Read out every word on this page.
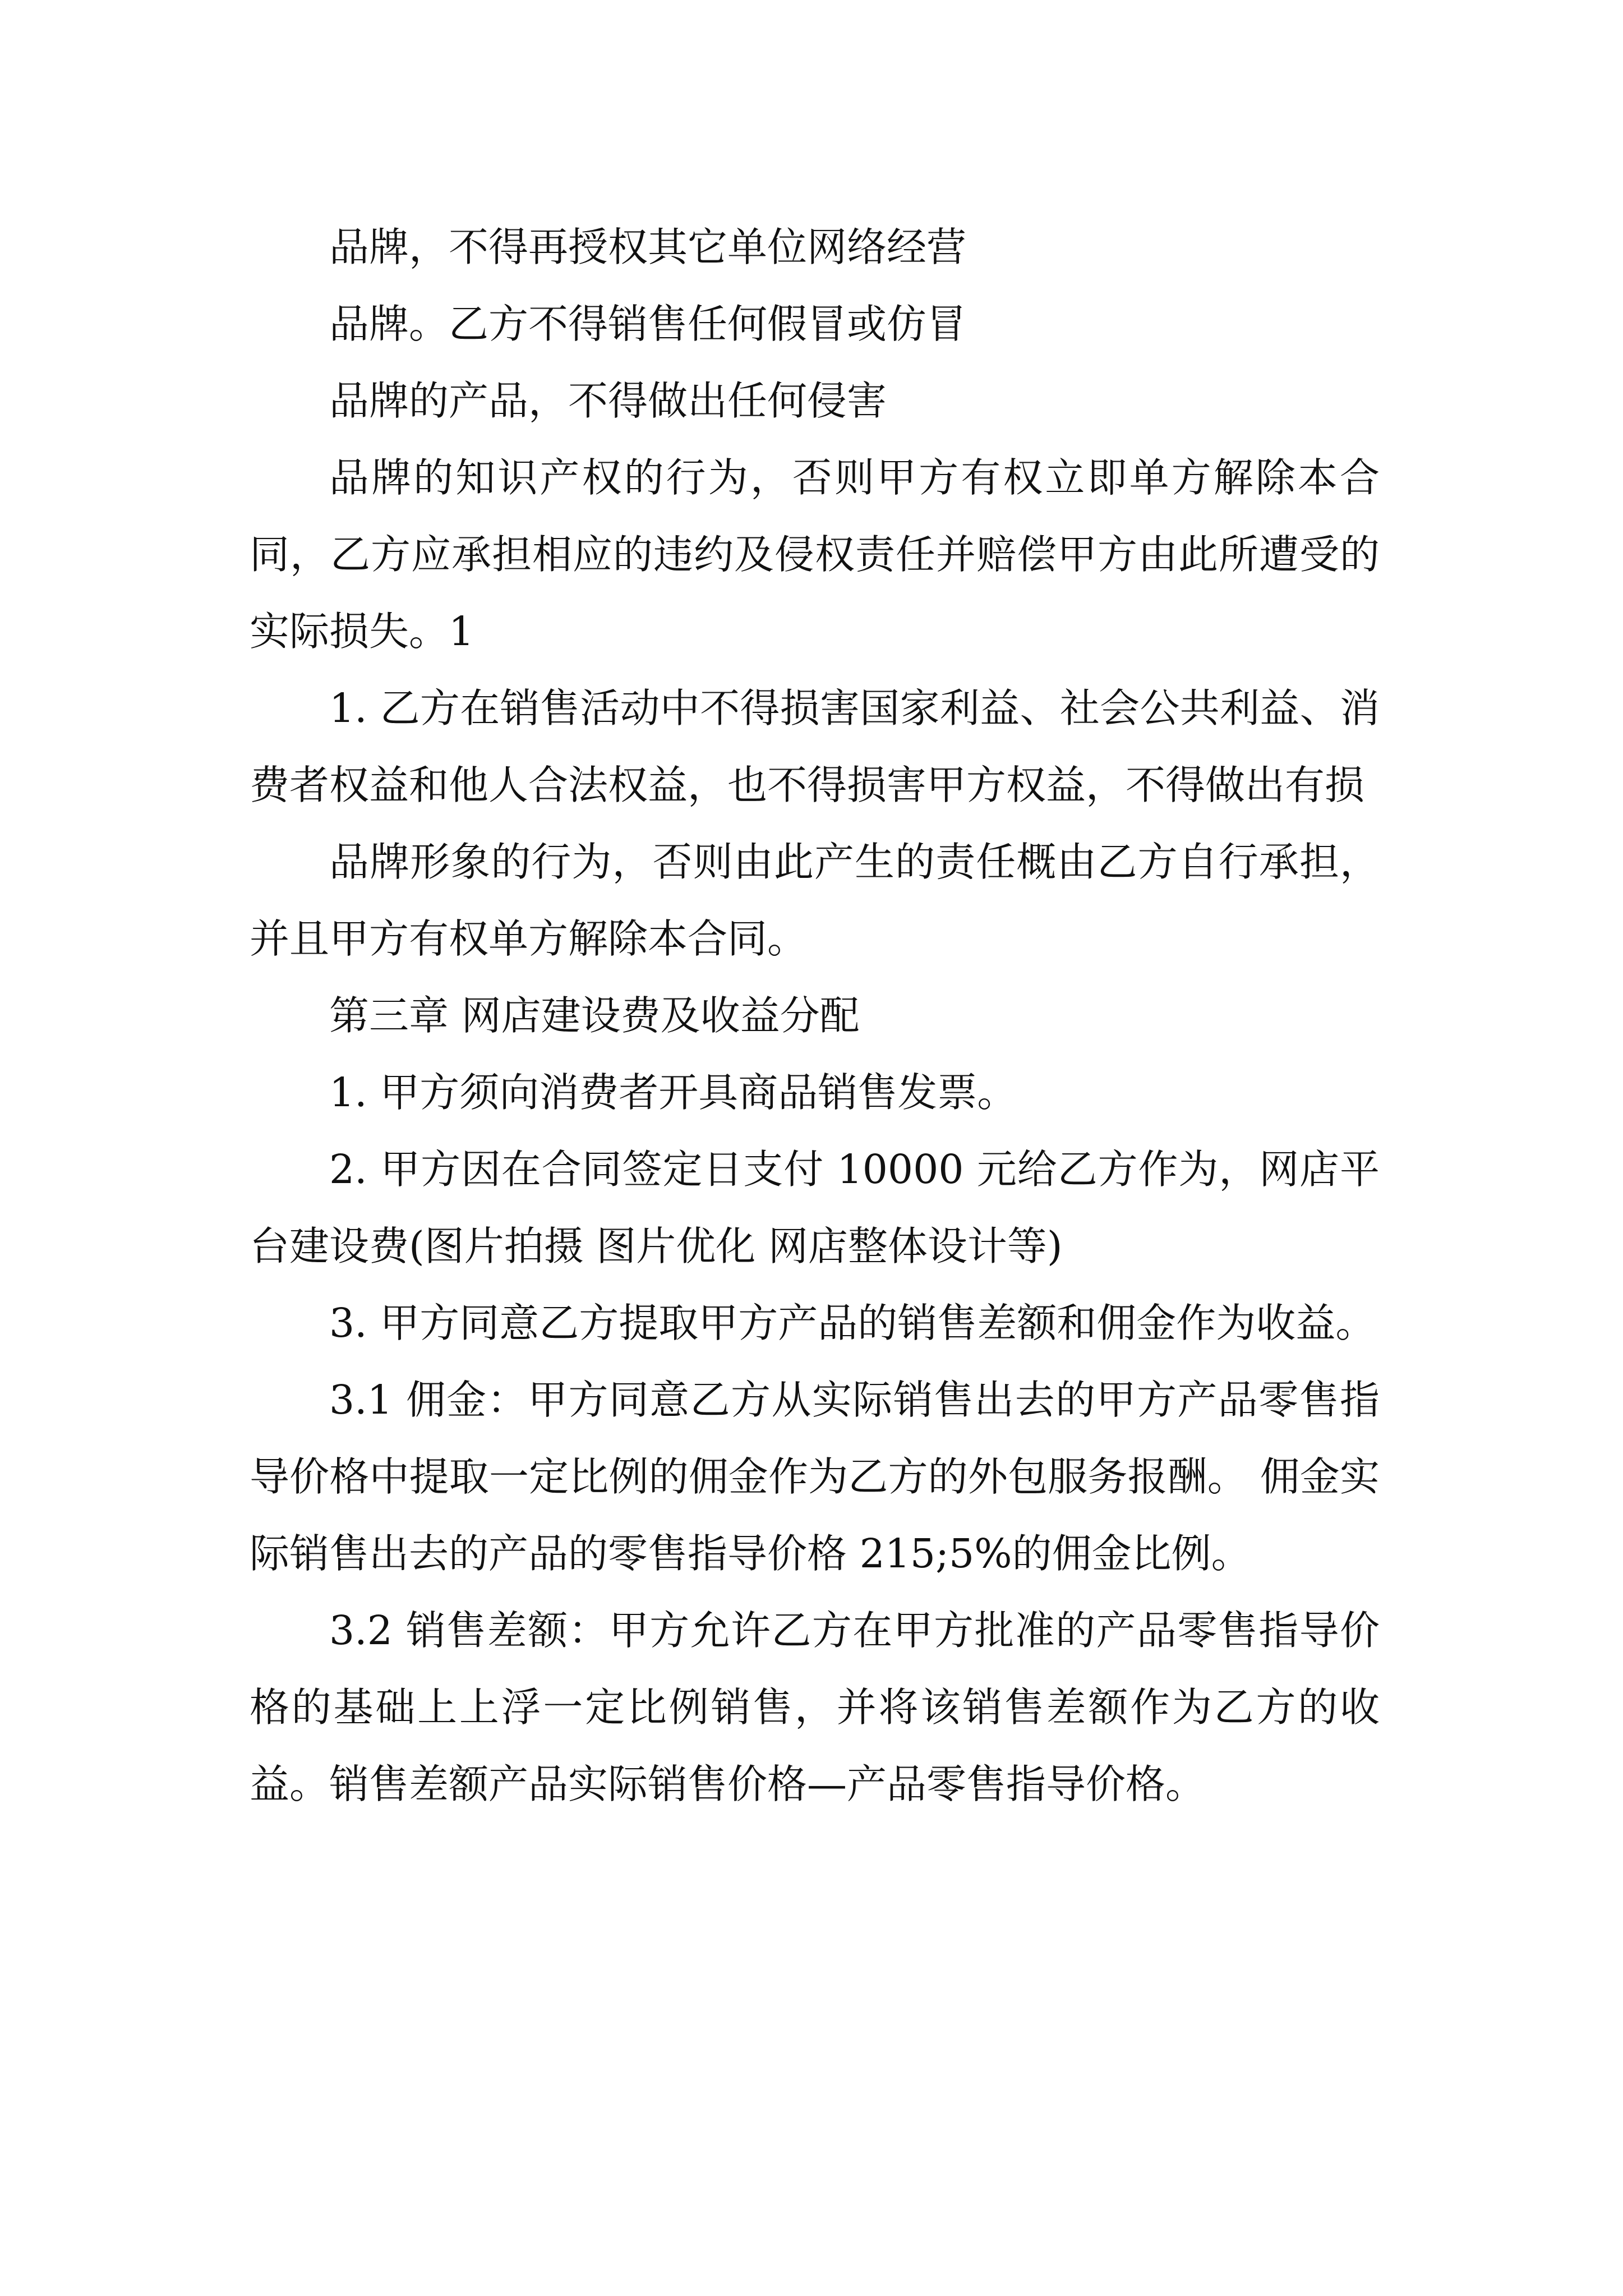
品牌，不得再授权其它单位网络经营

品牌。乙方不得销售任何假冒或仿冒

品牌的产品，不得做出任何侵害

品牌的知识产权的行为，否则甲方有权立即单方解除本合同，乙方应承担相应的违约及侵权责任并赔偿甲方由此所遭受的实际损失。1

1. 乙方在销售活动中不得损害国家利益、社会公共利益、消费者权益和他人合法权益，也不得损害甲方权益，不得做出有损

品牌形象的行为，否则由此产生的责任概由乙方自行承担，并且甲方有权单方解除本合同。

第三章 网店建设费及收益分配

1. 甲方须向消费者开具商品销售发票。

2. 甲方因在合同签定日支付 10000 元给乙方作为，网店平台建设费(图片拍摄 图片优化 网店整体设计等)

3. 甲方同意乙方提取甲方产品的销售差额和佣金作为收益。

3.1 佣金：甲方同意乙方从实际销售出去的甲方产品零售指导价格中提取一定比例的佣金作为乙方的外包服务报酬。 佣金实际销售出去的产品的零售指导价格 215;5%的佣金比例。

3.2 销售差额：甲方允许乙方在甲方批准的产品零售指导价格的基础上上浮一定比例销售，并将该销售差额作为乙方的收益。销售差额产品实际销售价格—产品零售指导价格。
